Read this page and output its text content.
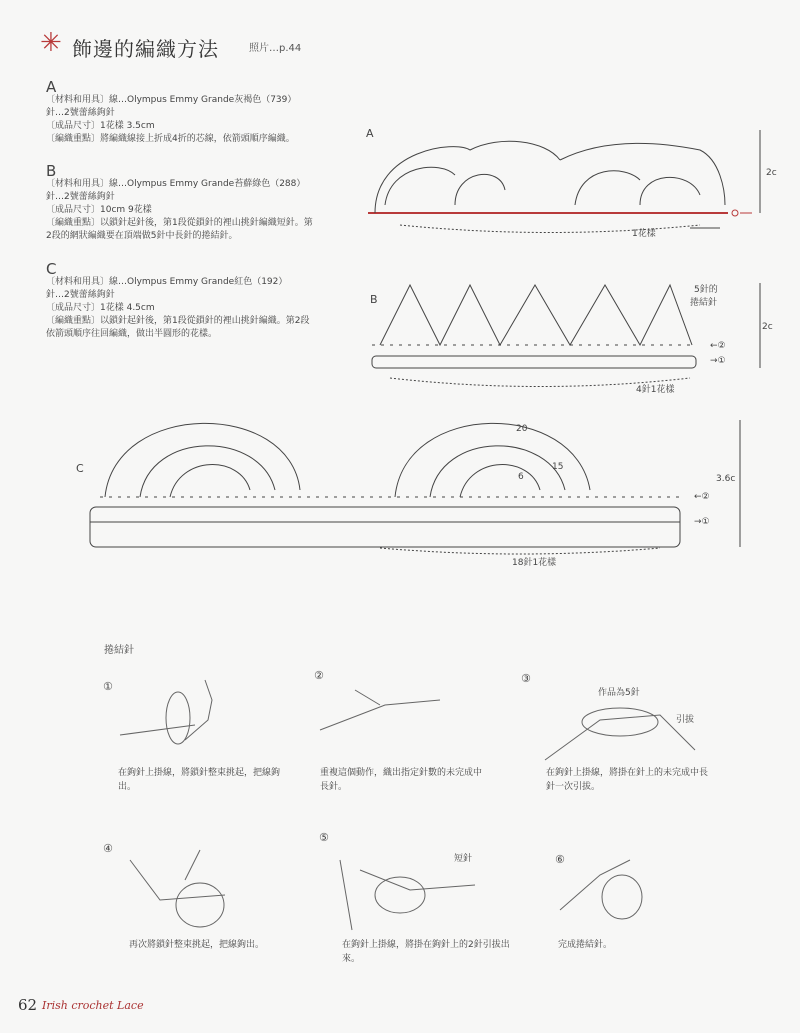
✳ 飾邊的編織方法	照片…p.44
A
〔材料和用具〕線…Olympus Emmy Grande灰褐色（739）
針…2號蕾絲鉤針
〔成品尺寸〕1花樣 3.5cm
〔編織重點〕將編織線接上折成4折的芯線，依箭頭順序編織。
B
〔材料和用具〕線…Olympus Emmy Grande苔蘚綠色（288）
針…2號蕾絲鉤針
〔成品尺寸〕10cm 9花樣
〔編織重點〕以鎖針起針後，第1段從鎖針的裡山挑針編織短針。第
2段的網狀編織要在頂端做5針中長針的捲結針。
C
〔材料和用具〕線…Olympus Emmy Grande紅色（192）
針…2號蕾絲鉤針
〔成品尺寸〕1花樣 4.5cm
〔編織重點〕以鎖針起針後，第1段從鎖針的裡山挑針編織。第2段
依箭頭順序往回編織，做出半圓形的花樣。
A
2c
1花樣
B
5針的
捲結針
2c
←②
→①
4針1花樣
C
20
15
6	3.6c
←②
→①
18針1花樣
捲結針
①
在鉤針上掛線，將鎖針整束挑起，把線鉤出。
②
重複這個動作，織出指定針數的未完成中長針。
③
作品為5針
引拔
在鉤針上掛線，將掛在針上的未完成中長針一次引拔。
④
再次將鎖針整束挑起，把線鉤出。
⑤
短針
在鉤針上掛線，將掛在鉤針上的2針引拔出來。
⑥
完成捲結針。
62 Irish crochet Lace
